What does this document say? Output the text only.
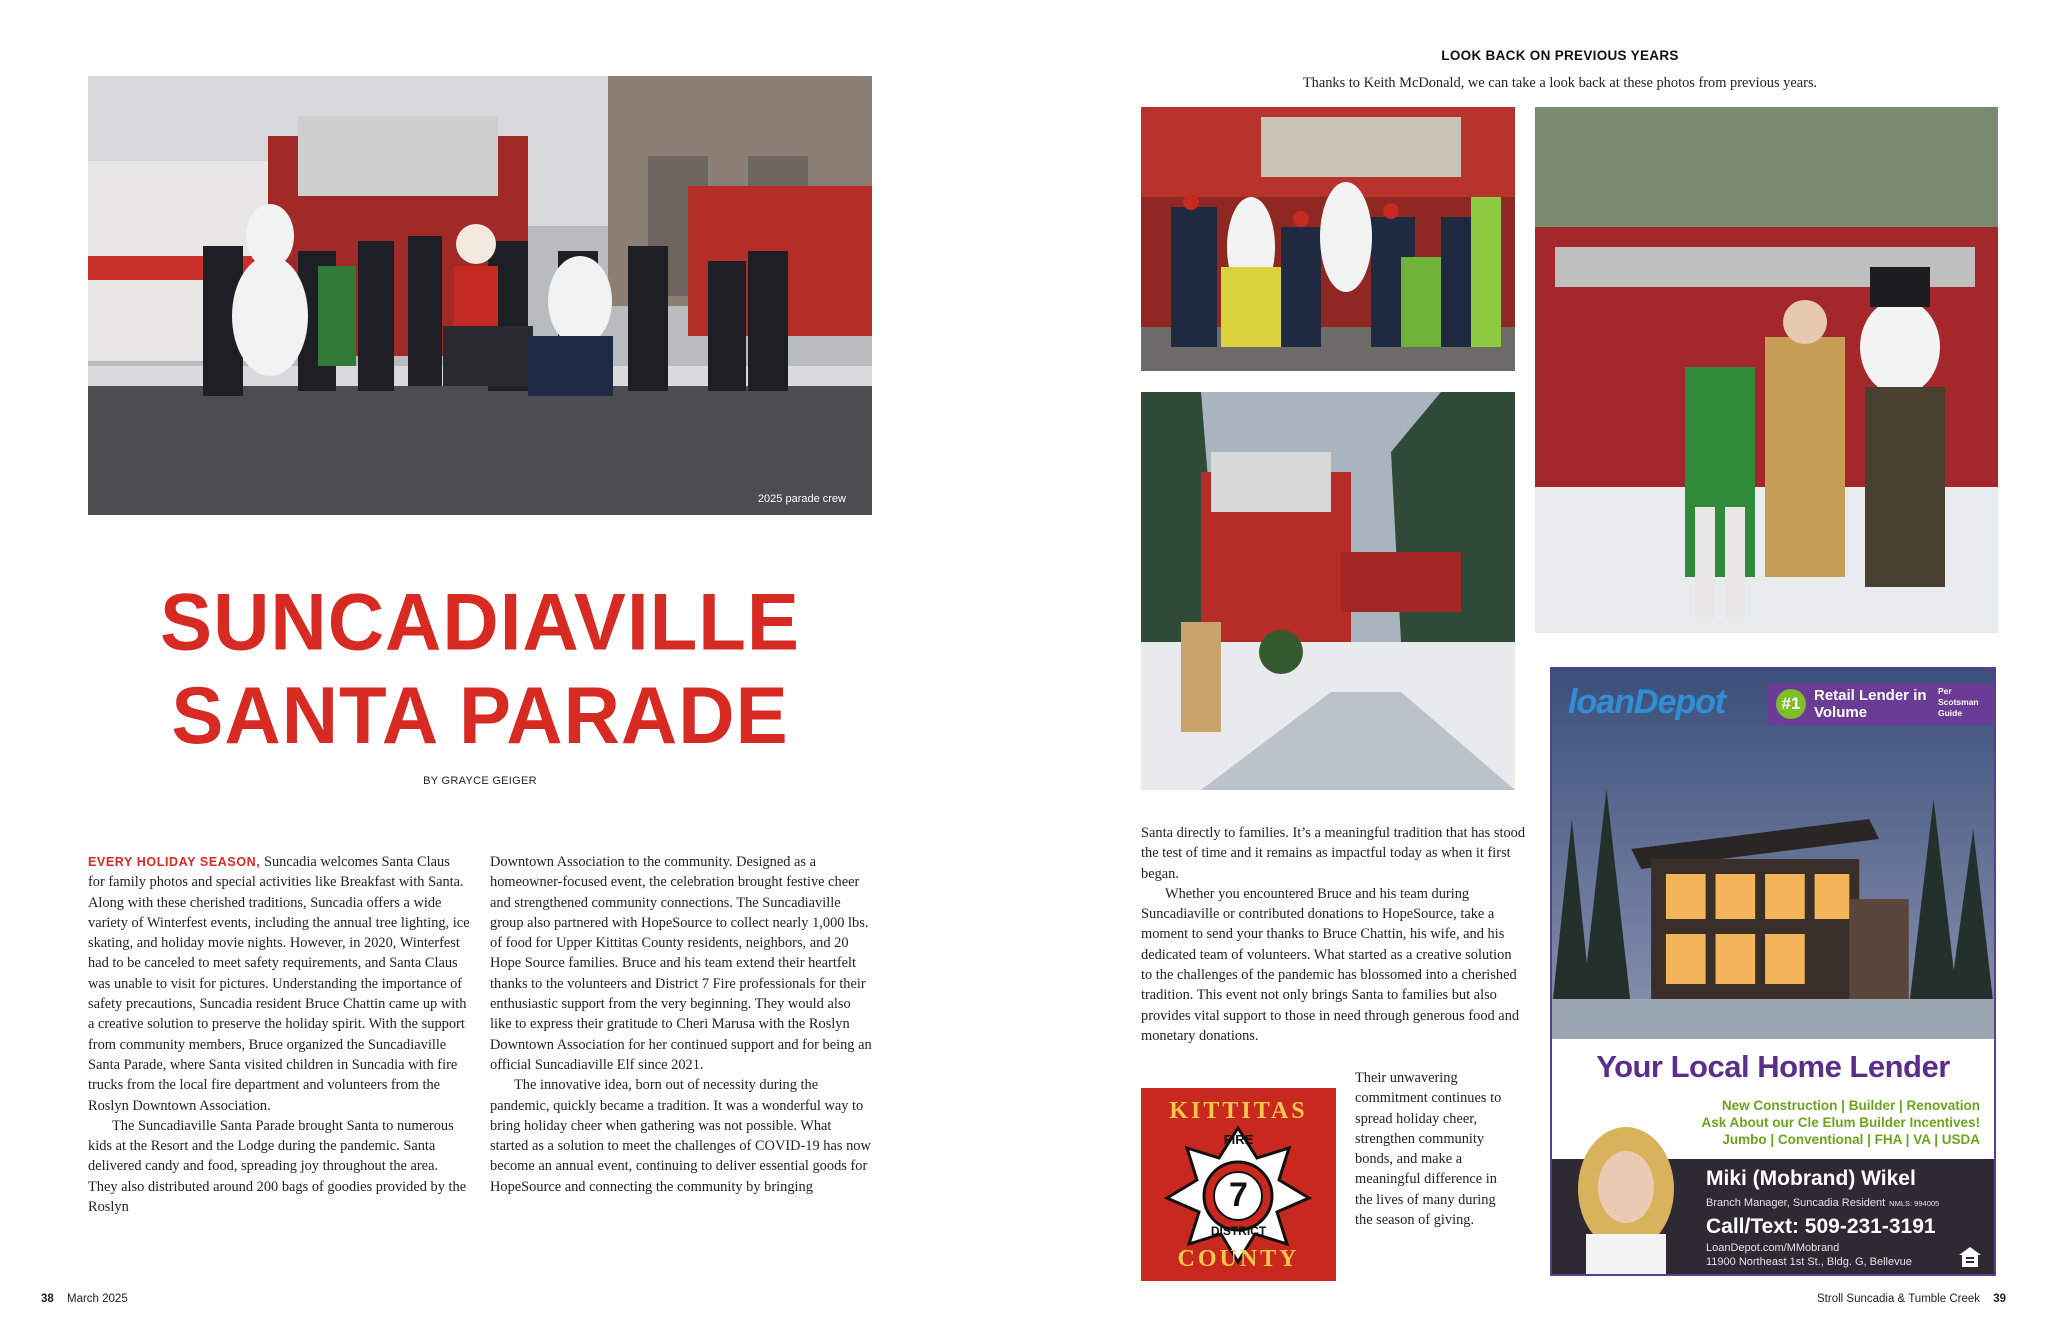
2025 parade crew
SUNCADIAVILLE
SANTA PARADE
BY GRAYCE GEIGER

EVERY HOLIDAY SEASON, Suncadia welcomes Santa Claus for family photos and special activities like Breakfast with Santa. Along with these cherished traditions, Suncadia offers a wide variety of Winterfest events, including the annual tree lighting, ice skating, and holiday movie nights. However, in 2020, Winterfest had to be canceled to meet safety requirements, and Santa Claus was unable to visit for pictures. Understanding the importance of safety precautions, Suncadia resident Bruce Chattin came up with a creative solution to preserve the holiday spirit. With the support from community members, Bruce organized the Suncadiaville Santa Parade, where Santa visited children in Suncadia with fire trucks from the local fire department and volunteers from the Roslyn Downtown Association.

The Suncadiaville Santa Parade brought Santa to numerous kids at the Resort and the Lodge during the pandemic. Santa delivered candy and food, spreading joy throughout the area. They also distributed around 200 bags of goodies provided by the Roslyn

Downtown Association to the community. Designed as a homeowner-focused event, the celebration brought festive cheer and strengthened community connections. The Suncadiaville group also partnered with HopeSource to collect nearly 1,000 lbs. of food for Upper Kittitas County residents, neighbors, and 20 Hope Source families. Bruce and his team extend their heartfelt thanks to the volunteers and District 7 Fire professionals for their enthusiastic support from the very beginning. They would also like to express their gratitude to Cheri Marusa with the Roslyn Downtown Association for her continued support and for being an official Suncadiaville Elf since 2021.

The innovative idea, born out of necessity during the pandemic, quickly became a tradition. It was a wonderful way to bring holiday cheer when gathering was not possible. What started as a solution to meet the challenges of COVID-19 has now become an annual event, continuing to deliver essential goods for HopeSource and connecting the community by bringing

38 March 2025
LOOK BACK ON PREVIOUS YEARS
Thanks to Keith McDonald, we can take a look back at these photos from previous years.

Santa directly to families. It’s a meaningful tradition that has stood the test of time and it remains as impactful today as when it first began.

Whether you encountered Bruce and his team during Suncadiaville or contributed donations to HopeSource, take a moment to send your thanks to Bruce Chattin, his wife, and his dedicated team of volunteers. What started as a creative solution to the challenges of the pandemic has blossomed into a cherished tradition. This event not only brings Santa to families but also provides vital support to those in need through generous food and monetary donations.

Their unwavering commitment continues to spread holiday cheer, strengthen community bonds, and make a meaningful difference in the lives of many during the season of giving.

KITTITAS
FIRE
7
DISTRICT
COUNTY
loanDepot	#1 Retail Lender in Volume
Per Scotsman Guide
Your Local Home Lender
New Construction | Builder | Renovation
Ask About our Cle Elum Builder Incentives!
Jumbo | Conventional | FHA | VA | USDA
Miki (Mobrand) Wikel
Branch Manager, Suncadia Resident NMLS: 994005
Call/Text: 509-231-3191
LoanDepot.com/MMobrand
11900 Northeast 1st St., Bldg. G, Bellevue
Stroll Suncadia & Tumble Creek 39
